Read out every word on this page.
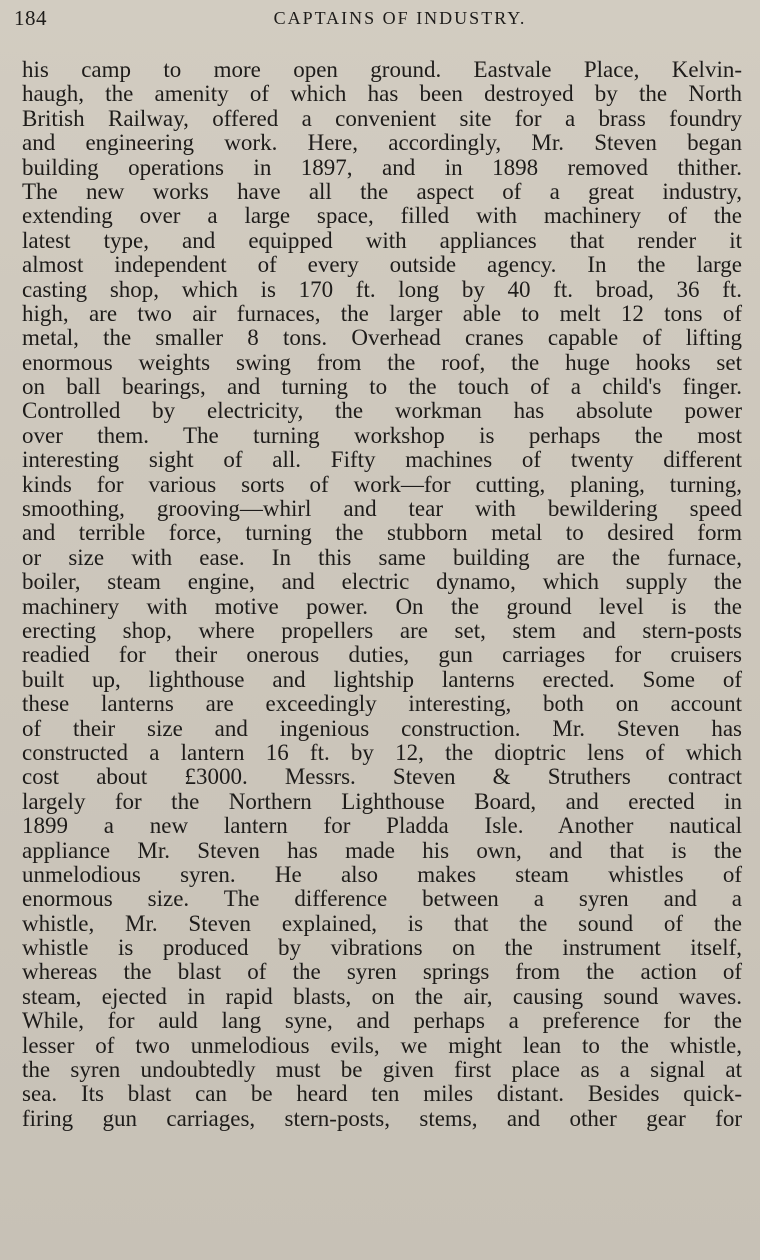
184	CAPTAINS OF INDUSTRY.
his camp to more open ground. Eastvale Place, Kelvin-
haugh, the amenity of which has been destroyed by the North
British Railway, offered a convenient site for a brass foundry
and engineering work. Here, accordingly, Mr. Steven began
building operations in 1897, and in 1898 removed thither.
The new works have all the aspect of a great industry,
extending over a large space, filled with machinery of the
latest type, and equipped with appliances that render it
almost independent of every outside agency. In the large
casting shop, which is 170 ft. long by 40 ft. broad, 36 ft.
high, are two air furnaces, the larger able to melt 12 tons of
metal, the smaller 8 tons. Overhead cranes capable of lifting
enormous weights swing from the roof, the huge hooks set
on ball bearings, and turning to the touch of a child's finger.
Controlled by electricity, the workman has absolute power
over them. The turning workshop is perhaps the most
interesting sight of all. Fifty machines of twenty different
kinds for various sorts of work—for cutting, planing, turning,
smoothing, grooving—whirl and tear with bewildering speed
and terrible force, turning the stubborn metal to desired form
or size with ease. In this same building are the furnace,
boiler, steam engine, and electric dynamo, which supply the
machinery with motive power. On the ground level is the
erecting shop, where propellers are set, stem and stern-posts
readied for their onerous duties, gun carriages for cruisers
built up, lighthouse and lightship lanterns erected. Some of
these lanterns are exceedingly interesting, both on account
of their size and ingenious construction. Mr. Steven has
constructed a lantern 16 ft. by 12, the dioptric lens of which
cost about £3000. Messrs. Steven & Struthers contract
largely for the Northern Lighthouse Board, and erected in
1899 a new lantern for Pladda Isle. Another nautical
appliance Mr. Steven has made his own, and that is the
unmelodious syren. He also makes steam whistles of
enormous size. The difference between a syren and a
whistle, Mr. Steven explained, is that the sound of the
whistle is produced by vibrations on the instrument itself,
whereas the blast of the syren springs from the action of
steam, ejected in rapid blasts, on the air, causing sound waves.
While, for auld lang syne, and perhaps a preference for the
lesser of two unmelodious evils, we might lean to the whistle,
the syren undoubtedly must be given first place as a signal at
sea. Its blast can be heard ten miles distant. Besides quick-
firing gun carriages, stern-posts, stems, and other gear for
